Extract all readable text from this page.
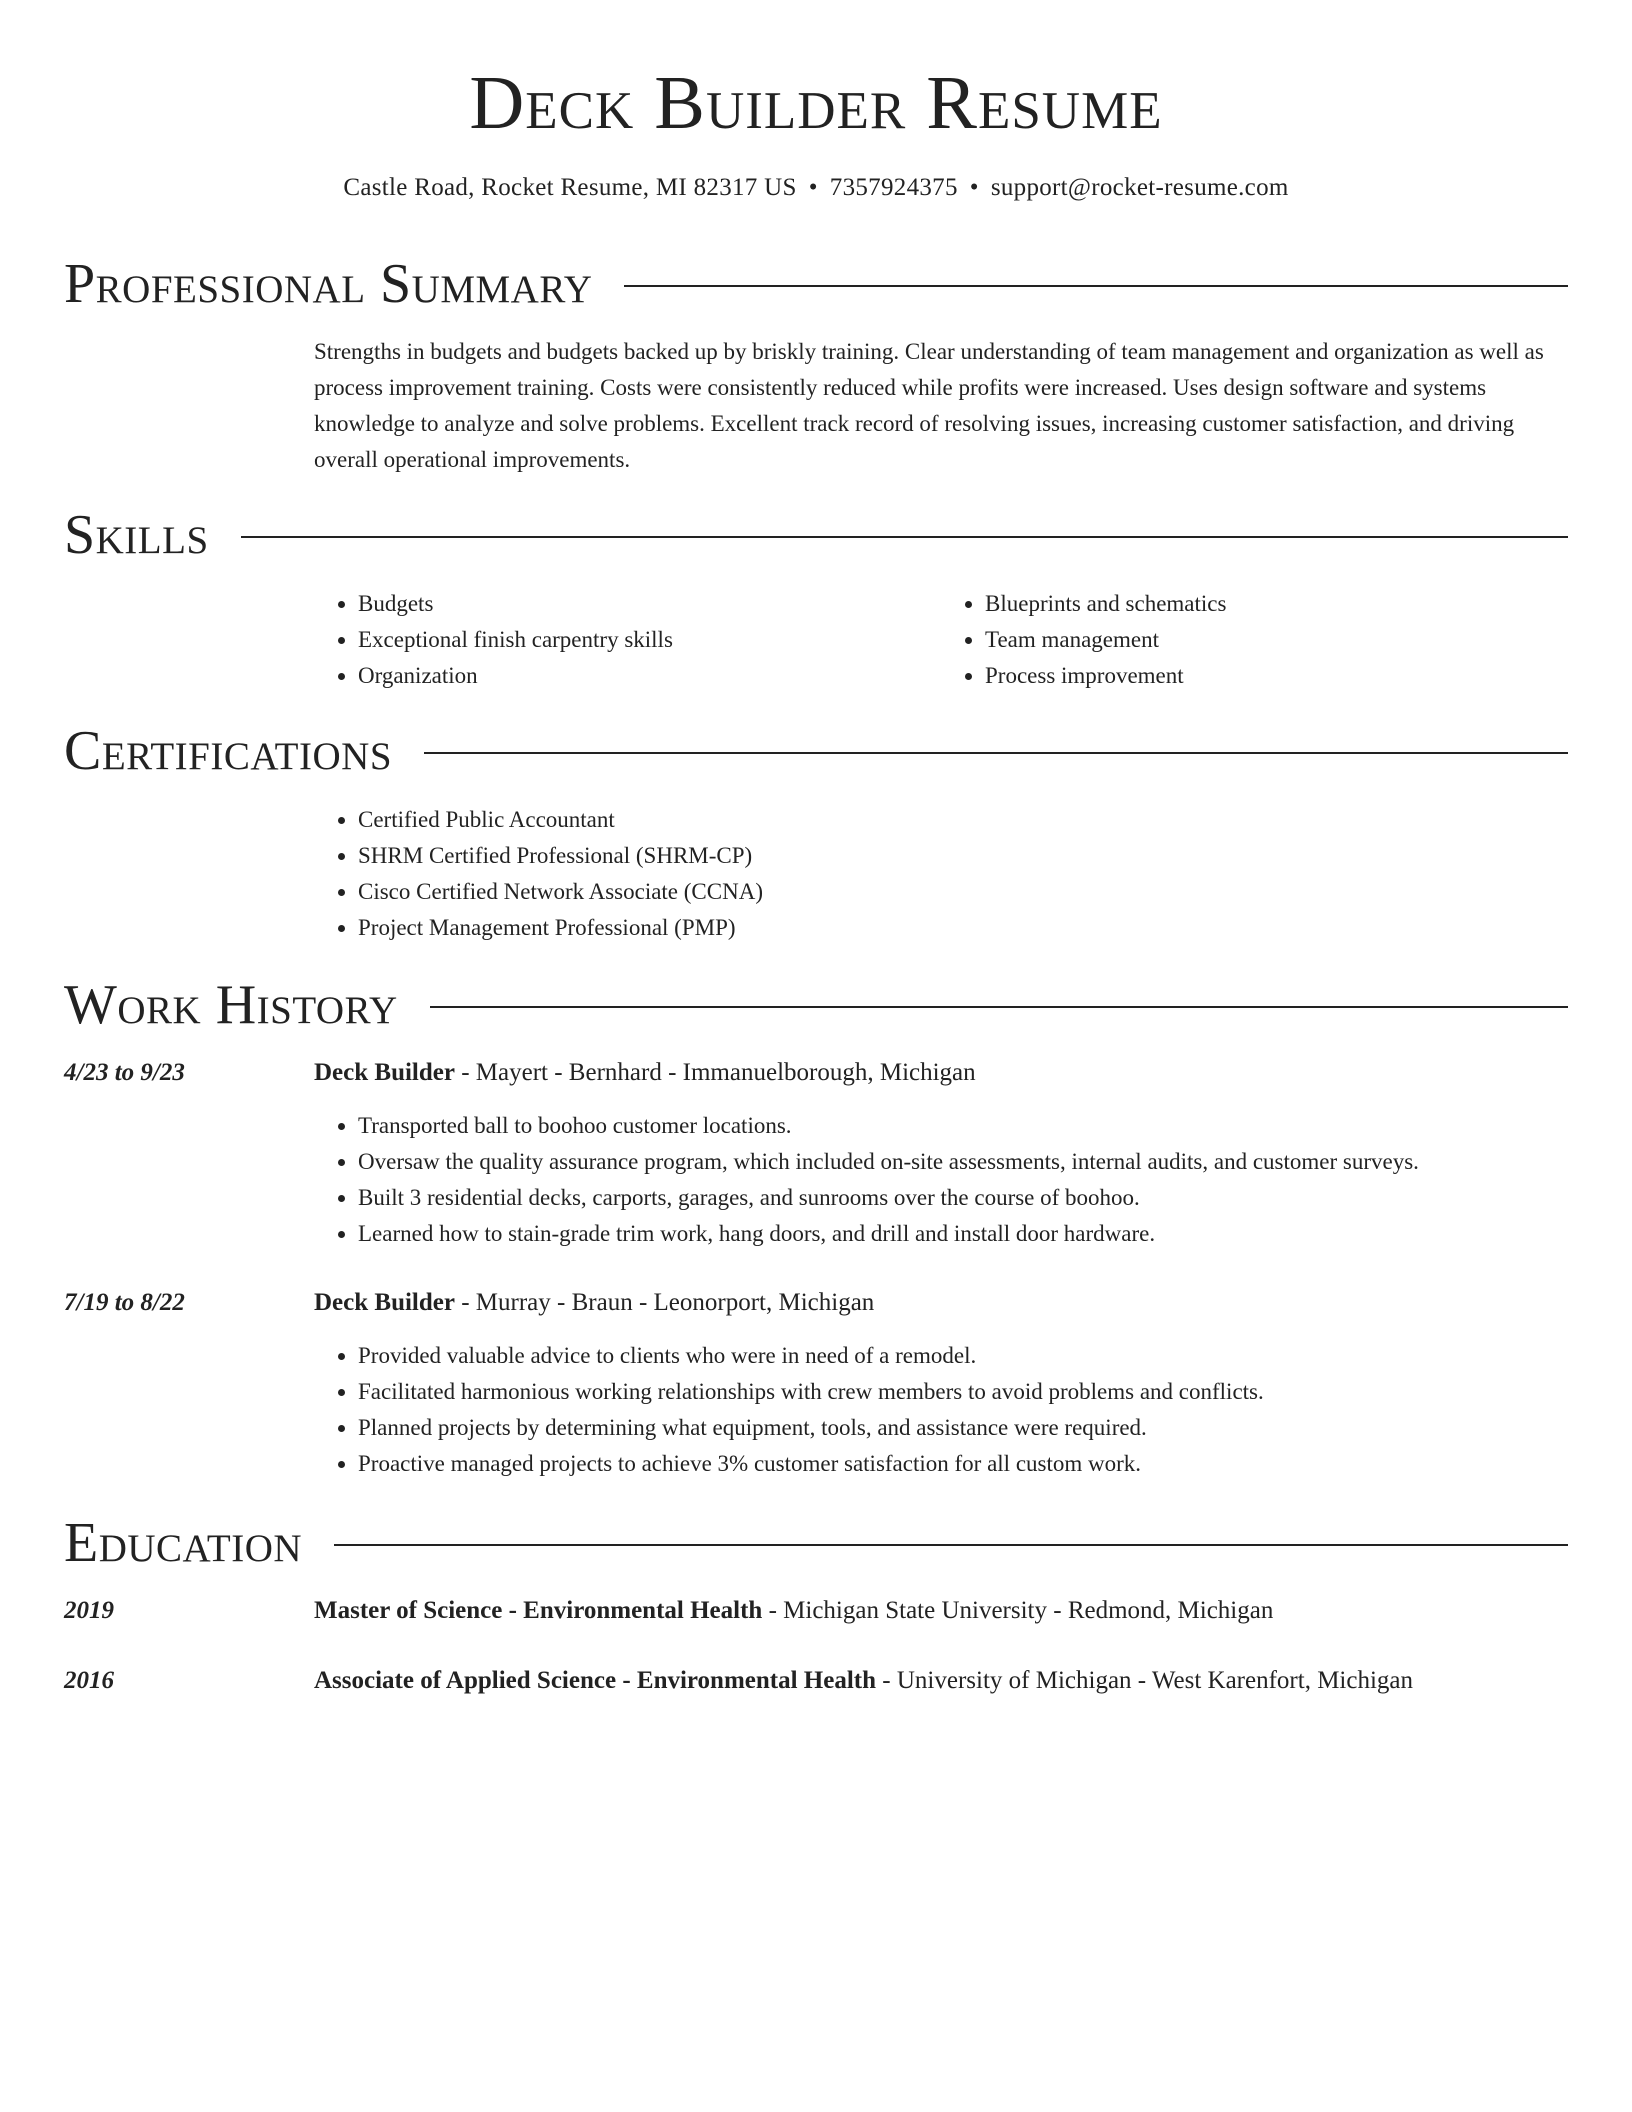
Deck Builder Resume
Castle Road, Rocket Resume, MI 82317 US • 7357924375 • support@rocket-resume.com
Professional Summary

Strengths in budgets and budgets backed up by briskly training. Clear understanding of team management and organization as well as process improvement training. Costs were consistently reduced while profits were increased. Uses design software and systems knowledge to analyze and solve problems. Excellent track record of resolving issues, increasing customer satisfaction, and driving overall operational improvements.

Skills
• Budgets
• Exceptional finish carpentry skills
• Organization
• Blueprints and schematics
• Team management
• Process improvement
Certifications
• Certified Public Accountant
• SHRM Certified Professional (SHRM-CP)
• Cisco Certified Network Associate (CCNA)
• Project Management Professional (PMP)
Work History
4/23 to 9/23	Deck Builder - Mayert - Bernhard - Immanuelborough, Michigan
• Transported ball to boohoo customer locations.
• Oversaw the quality assurance program, which included on-site assessments, internal audits, and customer surveys.
• Built 3 residential decks, carports, garages, and sunrooms over the course of boohoo.
• Learned how to stain-grade trim work, hang doors, and drill and install door hardware.
7/19 to 8/22	Deck Builder - Murray - Braun - Leonorport, Michigan
• Provided valuable advice to clients who were in need of a remodel.
• Facilitated harmonious working relationships with crew members to avoid problems and conflicts.
• Planned projects by determining what equipment, tools, and assistance were required.
• Proactive managed projects to achieve 3% customer satisfaction for all custom work.
Education
2019	Master of Science - Environmental Health - Michigan State University - Redmond, Michigan
2016	Associate of Applied Science - Environmental Health - University of Michigan - West Karenfort, Michigan
